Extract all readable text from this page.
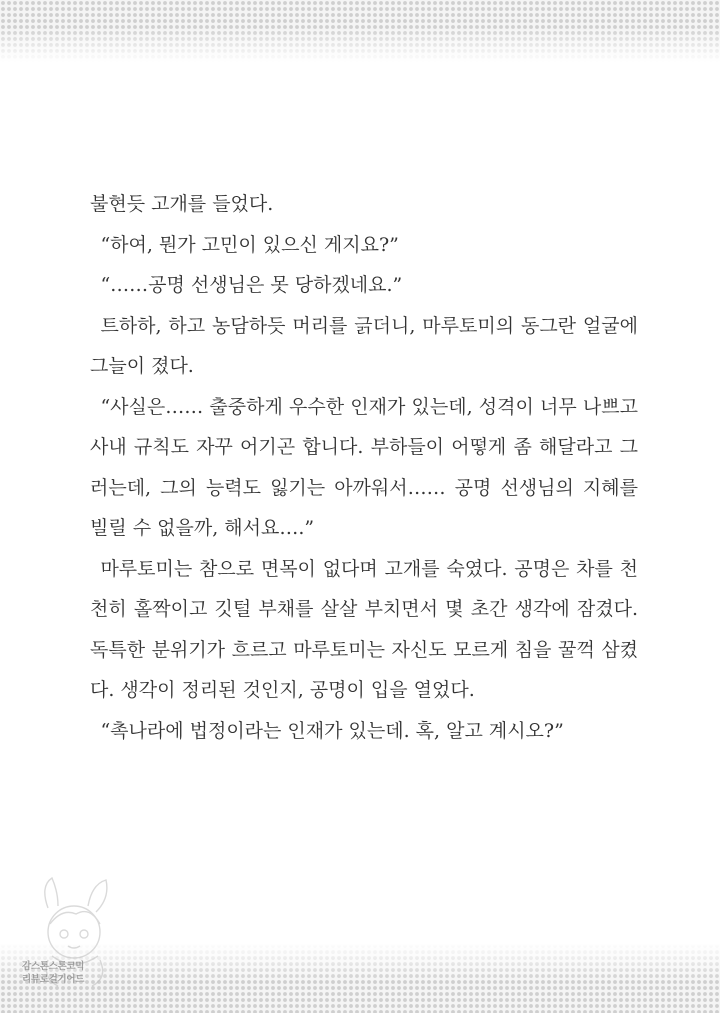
불현듯 고개를 들었다.

“하여, 뭔가 고민이 있으신 게지요?”

“……공명 선생님은 못 당하겠네요.”

트하하, 하고 농담하듯 머리를 긁더니, 마루토미의 동그란 얼굴에 그늘이 졌다.

“사실은…… 출중하게 우수한 인재가 있는데, 성격이 너무 나쁘고 사내 규칙도 자꾸 어기곤 합니다. 부하들이 어떻게 좀 해달라고 그러는데, 그의 능력도 잃기는 아까워서…… 공명 선생님의 지혜를 빌릴 수 없을까, 해서요….”

마루토미는 참으로 면목이 없다며 고개를 숙였다. 공명은 차를 천천히 홀짝이고 깃털 부채를 살살 부치면서 몇 초간 생각에 잠겼다. 독특한 분위기가 흐르고 마루토미는 자신도 모르게 침을 꿀꺽 삼켰다. 생각이 정리된 것인지, 공명이 입을 열었다.

“촉나라에 법정이라는 인재가 있는데. 혹, 알고 계시오?”

감스톤스톤코믹
리뷰로걸기어드
